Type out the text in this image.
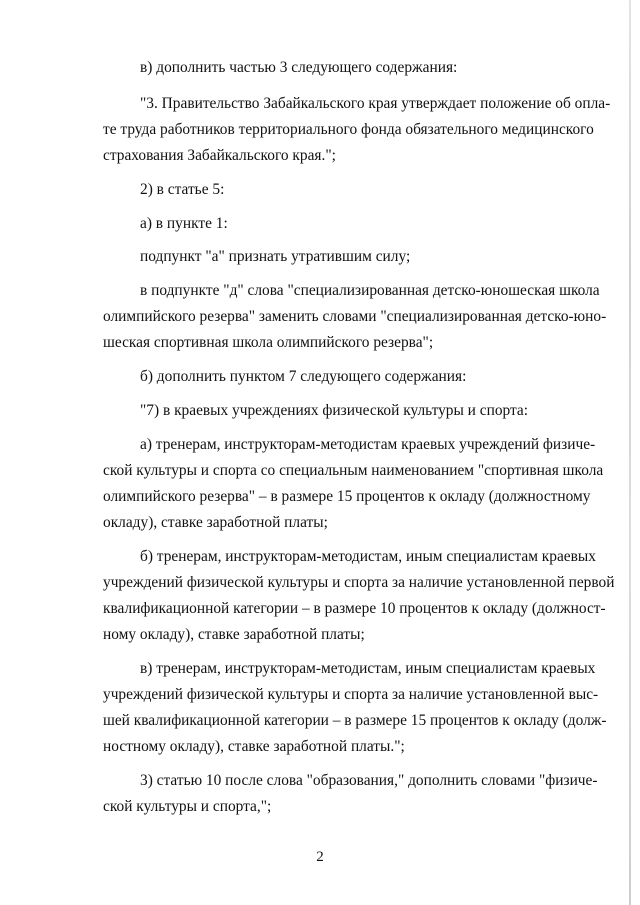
в) дополнить частью 3 следующего содержания:
"3. Правительство Забайкальского края утверждает положение об опла-
те труда работников территориального фонда обязательного медицинского
страхования Забайкальского края.";
2) в статье 5:
а) в пункте 1:
подпункт "а" признать утратившим силу;
в подпункте "д" слова "специализированная детско-юношеская школа
олимпийского резерва" заменить словами "специализированная детско-юно-
шеская спортивная школа олимпийского резерва";
б) дополнить пунктом 7 следующего содержания:
"7) в краевых учреждениях физической культуры и спорта:
а) тренерам, инструкторам-методистам краевых учреждений физиче-
ской культуры и спорта со специальным наименованием "спортивная школа
олимпийского резерва" – в размере 15 процентов к окладу (должностному
окладу), ставке заработной платы;
б) тренерам, инструкторам-методистам, иным специалистам краевых
учреждений физической культуры и спорта за наличие установленной первой
квалификационной категории – в размере 10 процентов к окладу (должност-
ному окладу), ставке заработной платы;
в) тренерам, инструкторам-методистам, иным специалистам краевых
учреждений физической культуры и спорта за наличие установленной выс-
шей квалификационной категории – в размере 15 процентов к окладу (долж-
ностному окладу), ставке заработной платы.";
3) статью 10 после слова "образования," дополнить словами "физиче-
ской культуры и спорта,";
2
